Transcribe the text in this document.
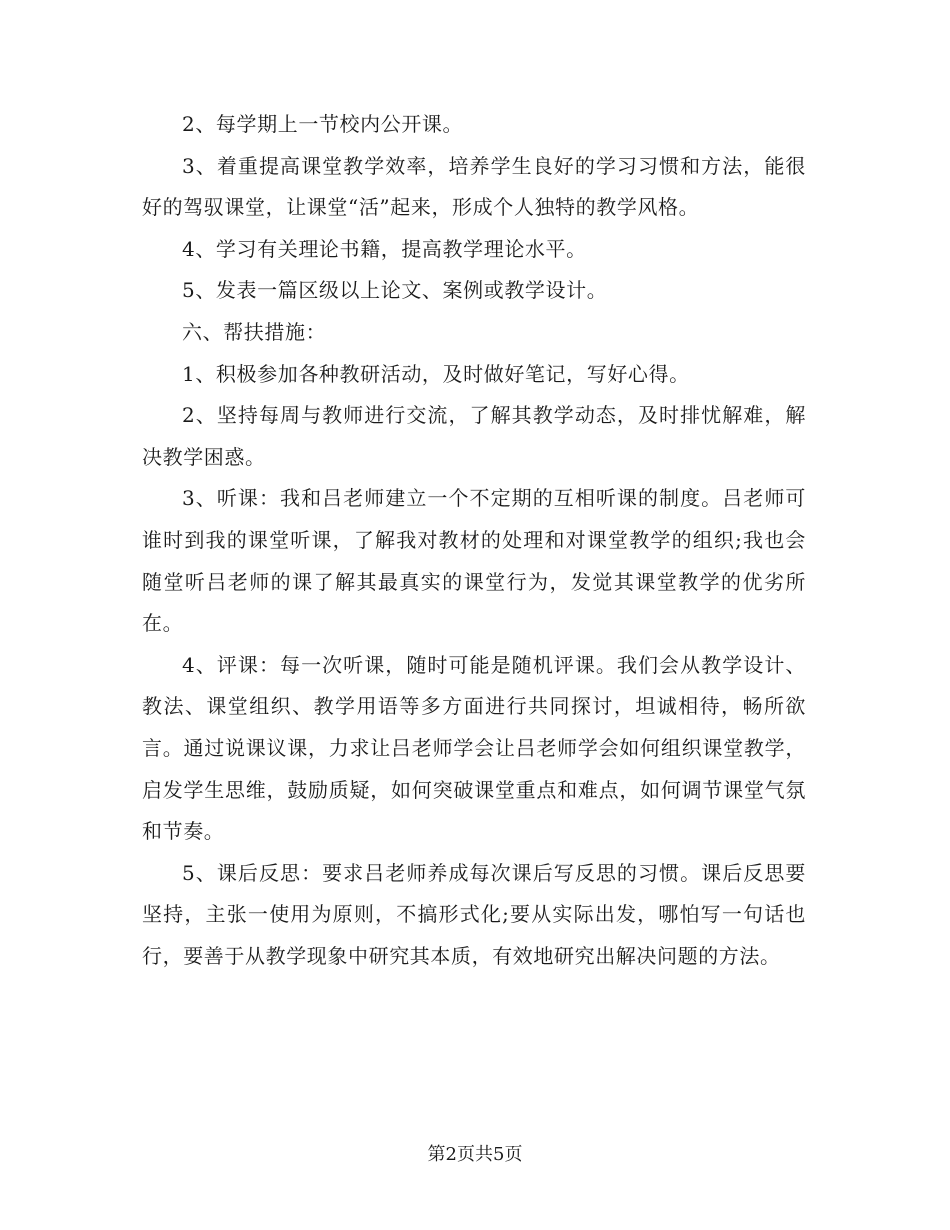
2、每学期上一节校内公开课。

3、着重提高课堂教学效率，培养学生良好的学习习惯和方法，能很好的驾驭课堂，让课堂“活”起来，形成个人独特的教学风格。

4、学习有关理论书籍，提高教学理论水平。

5、发表一篇区级以上论文、案例或教学设计。

六、帮扶措施：

1、积极参加各种教研活动，及时做好笔记，写好心得。

2、坚持每周与教师进行交流，了解其教学动态，及时排忧解难，解决教学困惑。

3、听课：我和吕老师建立一个不定期的互相听课的制度。吕老师可谁时到我的课堂听课，了解我对教材的处理和对课堂教学的组织;我也会随堂听吕老师的课了解其最真实的课堂行为，发觉其课堂教学的优劣所在。

4、评课：每一次听课，随时可能是随机评课。我们会从教学设计、教法、课堂组织、教学用语等多方面进行共同探讨，坦诚相待，畅所欲言。通过说课议课，力求让吕老师学会让吕老师学会如何组织课堂教学，启发学生思维，鼓励质疑，如何突破课堂重点和难点，如何调节课堂气氛和节奏。

5、课后反思：要求吕老师养成每次课后写反思的习惯。课后反思要坚持，主张一使用为原则，不搞形式化;要从实际出发，哪怕写一句话也行，要善于从教学现象中研究其本质，有效地研究出解决问题的方法。

第2页共5页
